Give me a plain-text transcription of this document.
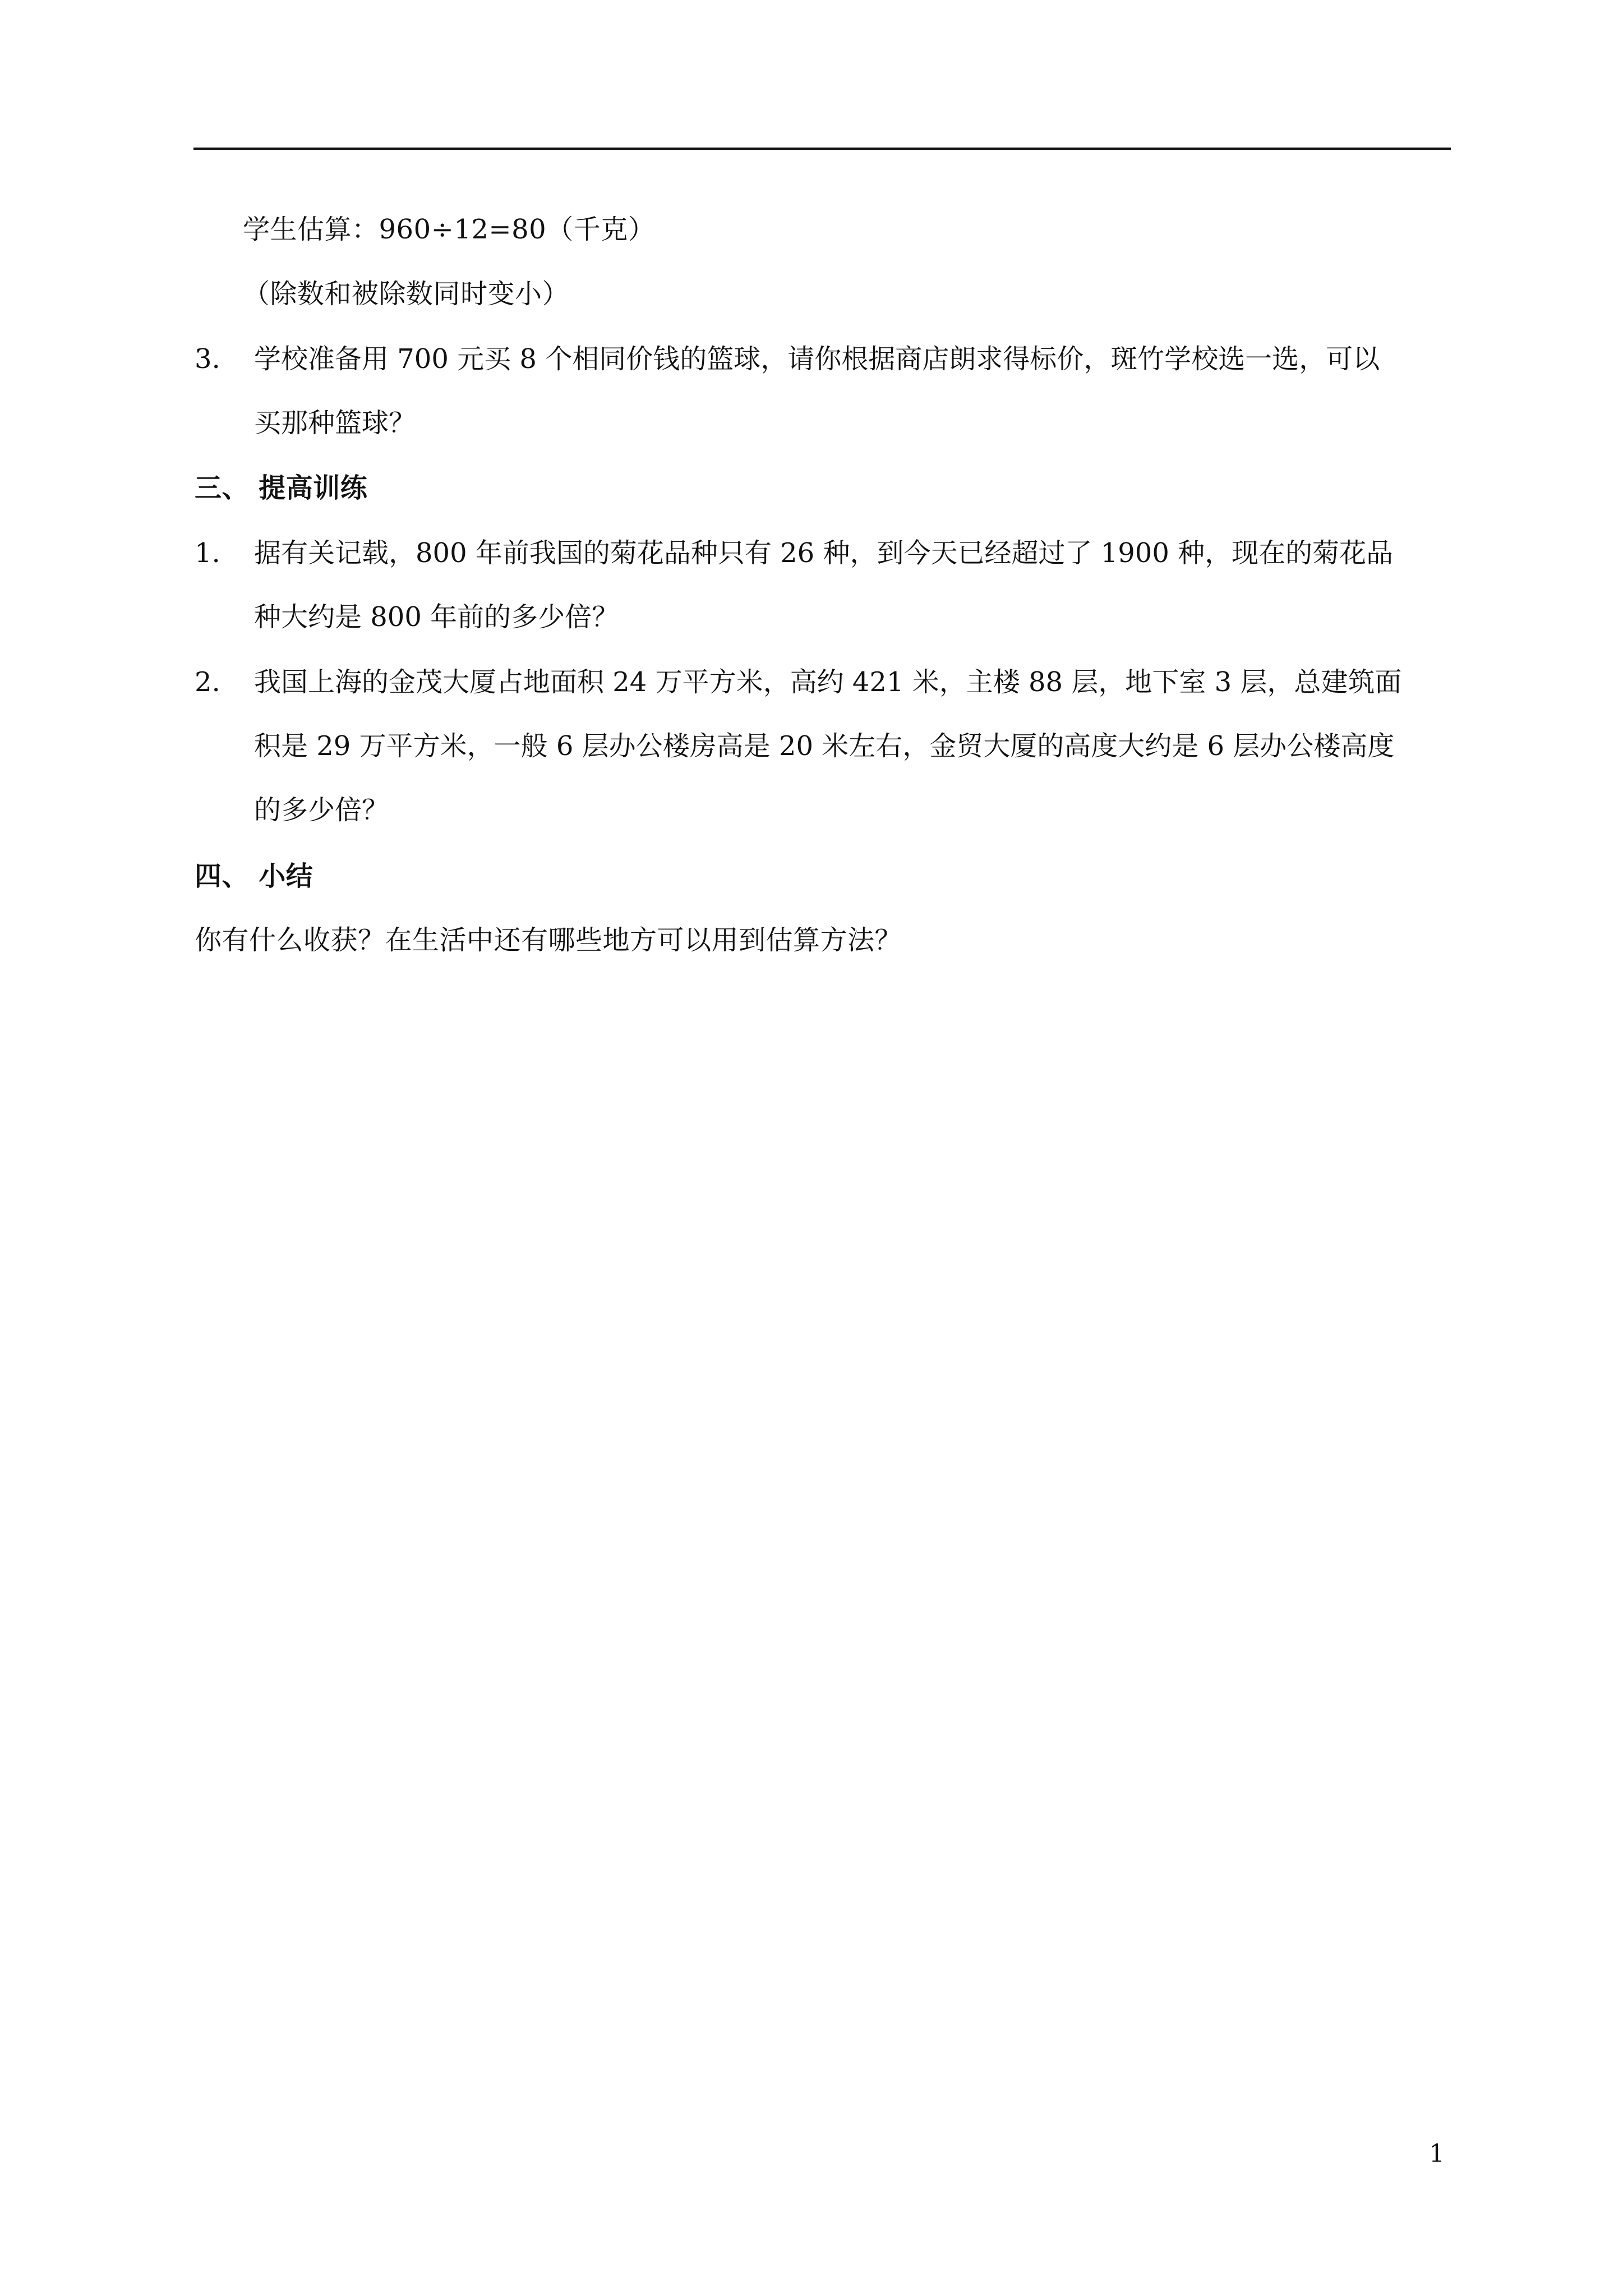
学生估算：960÷12=80（千克）
（除数和被除数同时变小）
3. 学校准备用 700 元买 8 个相同价钱的篮球，请你根据商店朗求得标价，斑竹学校选一选，可以
买那种篮球？
三、 提高训练
1. 据有关记载，800 年前我国的菊花品种只有 26 种，到今天已经超过了 1900 种，现在的菊花品
种大约是 800 年前的多少倍？
2. 我国上海的金茂大厦占地面积 24 万平方米，高约 421 米，主楼 88 层，地下室 3 层，总建筑面
积是 29 万平方米，一般 6 层办公楼房高是 20 米左右，金贸大厦的高度大约是 6 层办公楼高度
的多少倍？
四、 小结
你有什么收获？在生活中还有哪些地方可以用到估算方法？
1
